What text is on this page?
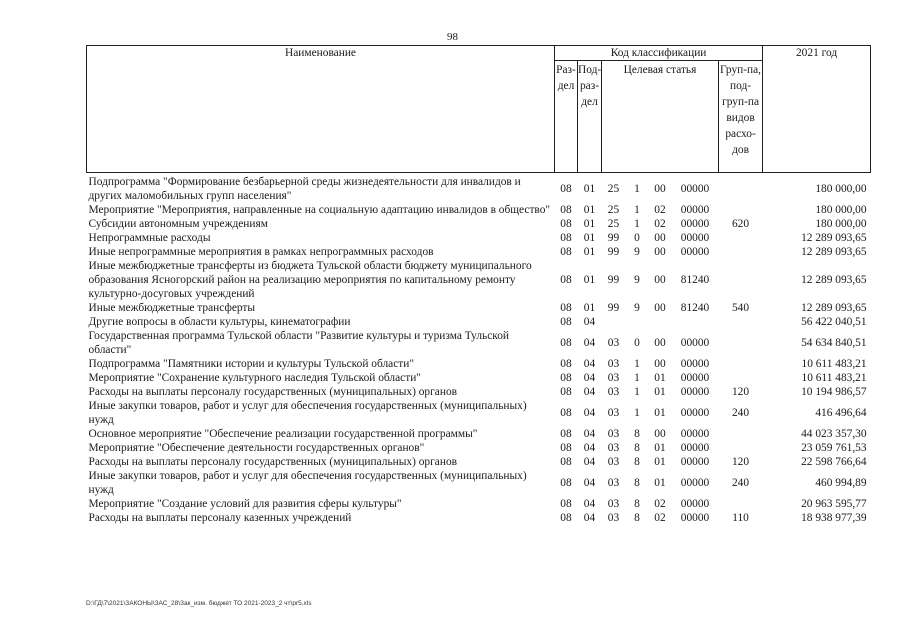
98
Наименование	Код классификации							2021 год
	Раз-дел	Под-раз-дел	Целевая статья				Груп-па, под-груп-па видов расхо-дов	

Подпрограмма "Формирование безбарьерной среды жизнедеятельности для инвалидов и других маломобильных групп населения"	08	01	25	1	00	00000		180 000,00
Мероприятие "Мероприятия, направленные на социальную адаптацию инвалидов в общество"	08	01	25	1	02	00000		180 000,00
Субсидии автономным учреждениям	08	01	25	1	02	00000	620	180 000,00
Непрограммные расходы	08	01	99	0	00	00000		12 289 093,65
Иные непрограммные мероприятия в рамках непрограммных расходов	08	01	99	9	00	00000		12 289 093,65
Иные межбюджетные трансферты из бюджета Тульской области бюджету муниципального образования Ясногорский район на реализацию мероприятия по капитальному ремонту культурно-досуговых учреждений	08	01	99	9	00	81240		12 289 093,65
Иные межбюджетные трансферты	08	01	99	9	00	81240	540	12 289 093,65
Другие вопросы в области культуры, кинематографии	08	04						56 422 040,51
Государственная программа Тульской области "Развитие культуры и туризма Тульской области"	08	04	03	0	00	00000		54 634 840,51
Подпрограмма "Памятники истории и культуры Тульской области"	08	04	03	1	00	00000		10 611 483,21
Мероприятие "Сохранение культурного наследия Тульской области"	08	04	03	1	01	00000		10 611 483,21
Расходы на выплаты персоналу государственных (муниципальных) органов	08	04	03	1	01	00000	120	10 194 986,57
Иные закупки товаров, работ и услуг для обеспечения государственных (муниципальных) нужд	08	04	03	1	01	00000	240	416 496,64
Основное мероприятие "Обеспечение реализации государственной программы"	08	04	03	8	00	00000		44 023 357,30
Мероприятие "Обеспечение деятельности государственных органов"	08	04	03	8	01	00000		23 059 761,53
Расходы на выплаты персоналу государственных (муниципальных) органов	08	04	03	8	01	00000	120	22 598 766,64
Иные закупки товаров, работ и услуг для обеспечения государственных (муниципальных) нужд	08	04	03	8	01	00000	240	460 994,89
Мероприятие "Создание условий для развития сферы культуры"	08	04	03	8	02	00000		20 963 595,77
Расходы на выплаты персоналу казенных учреждений	08	04	03	8	02	00000	110	18 938 977,39
D:\ГД\7\2021\ЗАКОНЫ\ЗАС_28\Зак_изм. бюджет ТО 2021-2023_2 чт\pr5.xls
